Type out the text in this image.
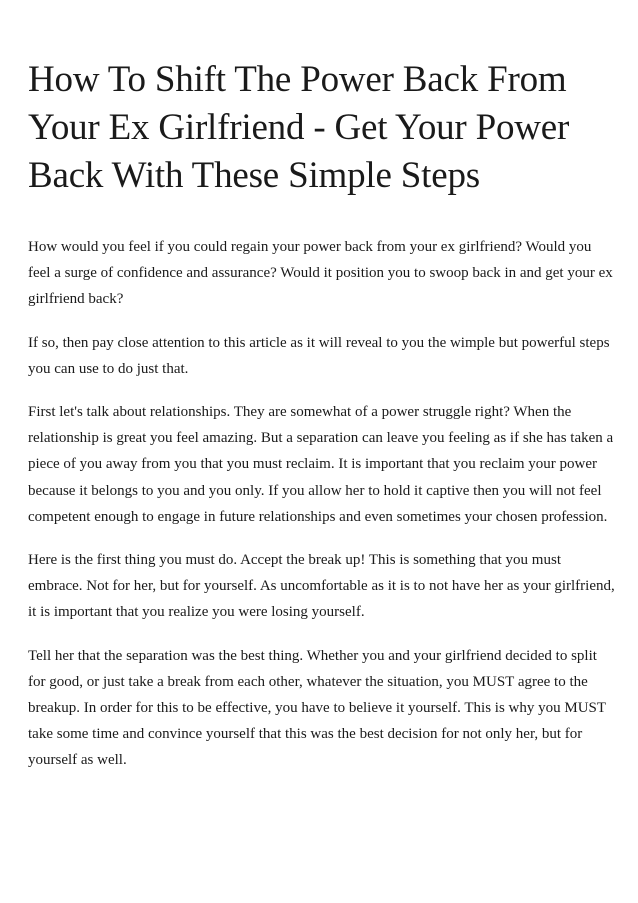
How To Shift The Power Back From Your Ex Girlfriend - Get Your Power Back With These Simple Steps

How would you feel if you could regain your power back from your ex girlfriend? Would you feel a surge of confidence and assurance? Would it position you to swoop back in and get your ex girlfriend back?

If so, then pay close attention to this article as it will reveal to you the wimple but powerful steps you can use to do just that.

First let's talk about relationships. They are somewhat of a power struggle right? When the relationship is great you feel amazing. But a separation can leave you feeling as if she has taken a piece of you away from you that you must reclaim. It is important that you reclaim your power because it belongs to you and you only. If you allow her to hold it captive then you will not feel competent enough to engage in future relationships and even sometimes your chosen profession.

Here is the first thing you must do. Accept the break up! This is something that you must embrace. Not for her, but for yourself. As uncomfortable as it is to not have her as your girlfriend, it is important that you realize you were losing yourself.

Tell her that the separation was the best thing. Whether you and your girlfriend decided to split for good, or just take a break from each other, whatever the situation, you MUST agree to the breakup. In order for this to be effective, you have to believe it yourself. This is why you MUST take some time and convince yourself that this was the best decision for not only her, but for yourself as well.
